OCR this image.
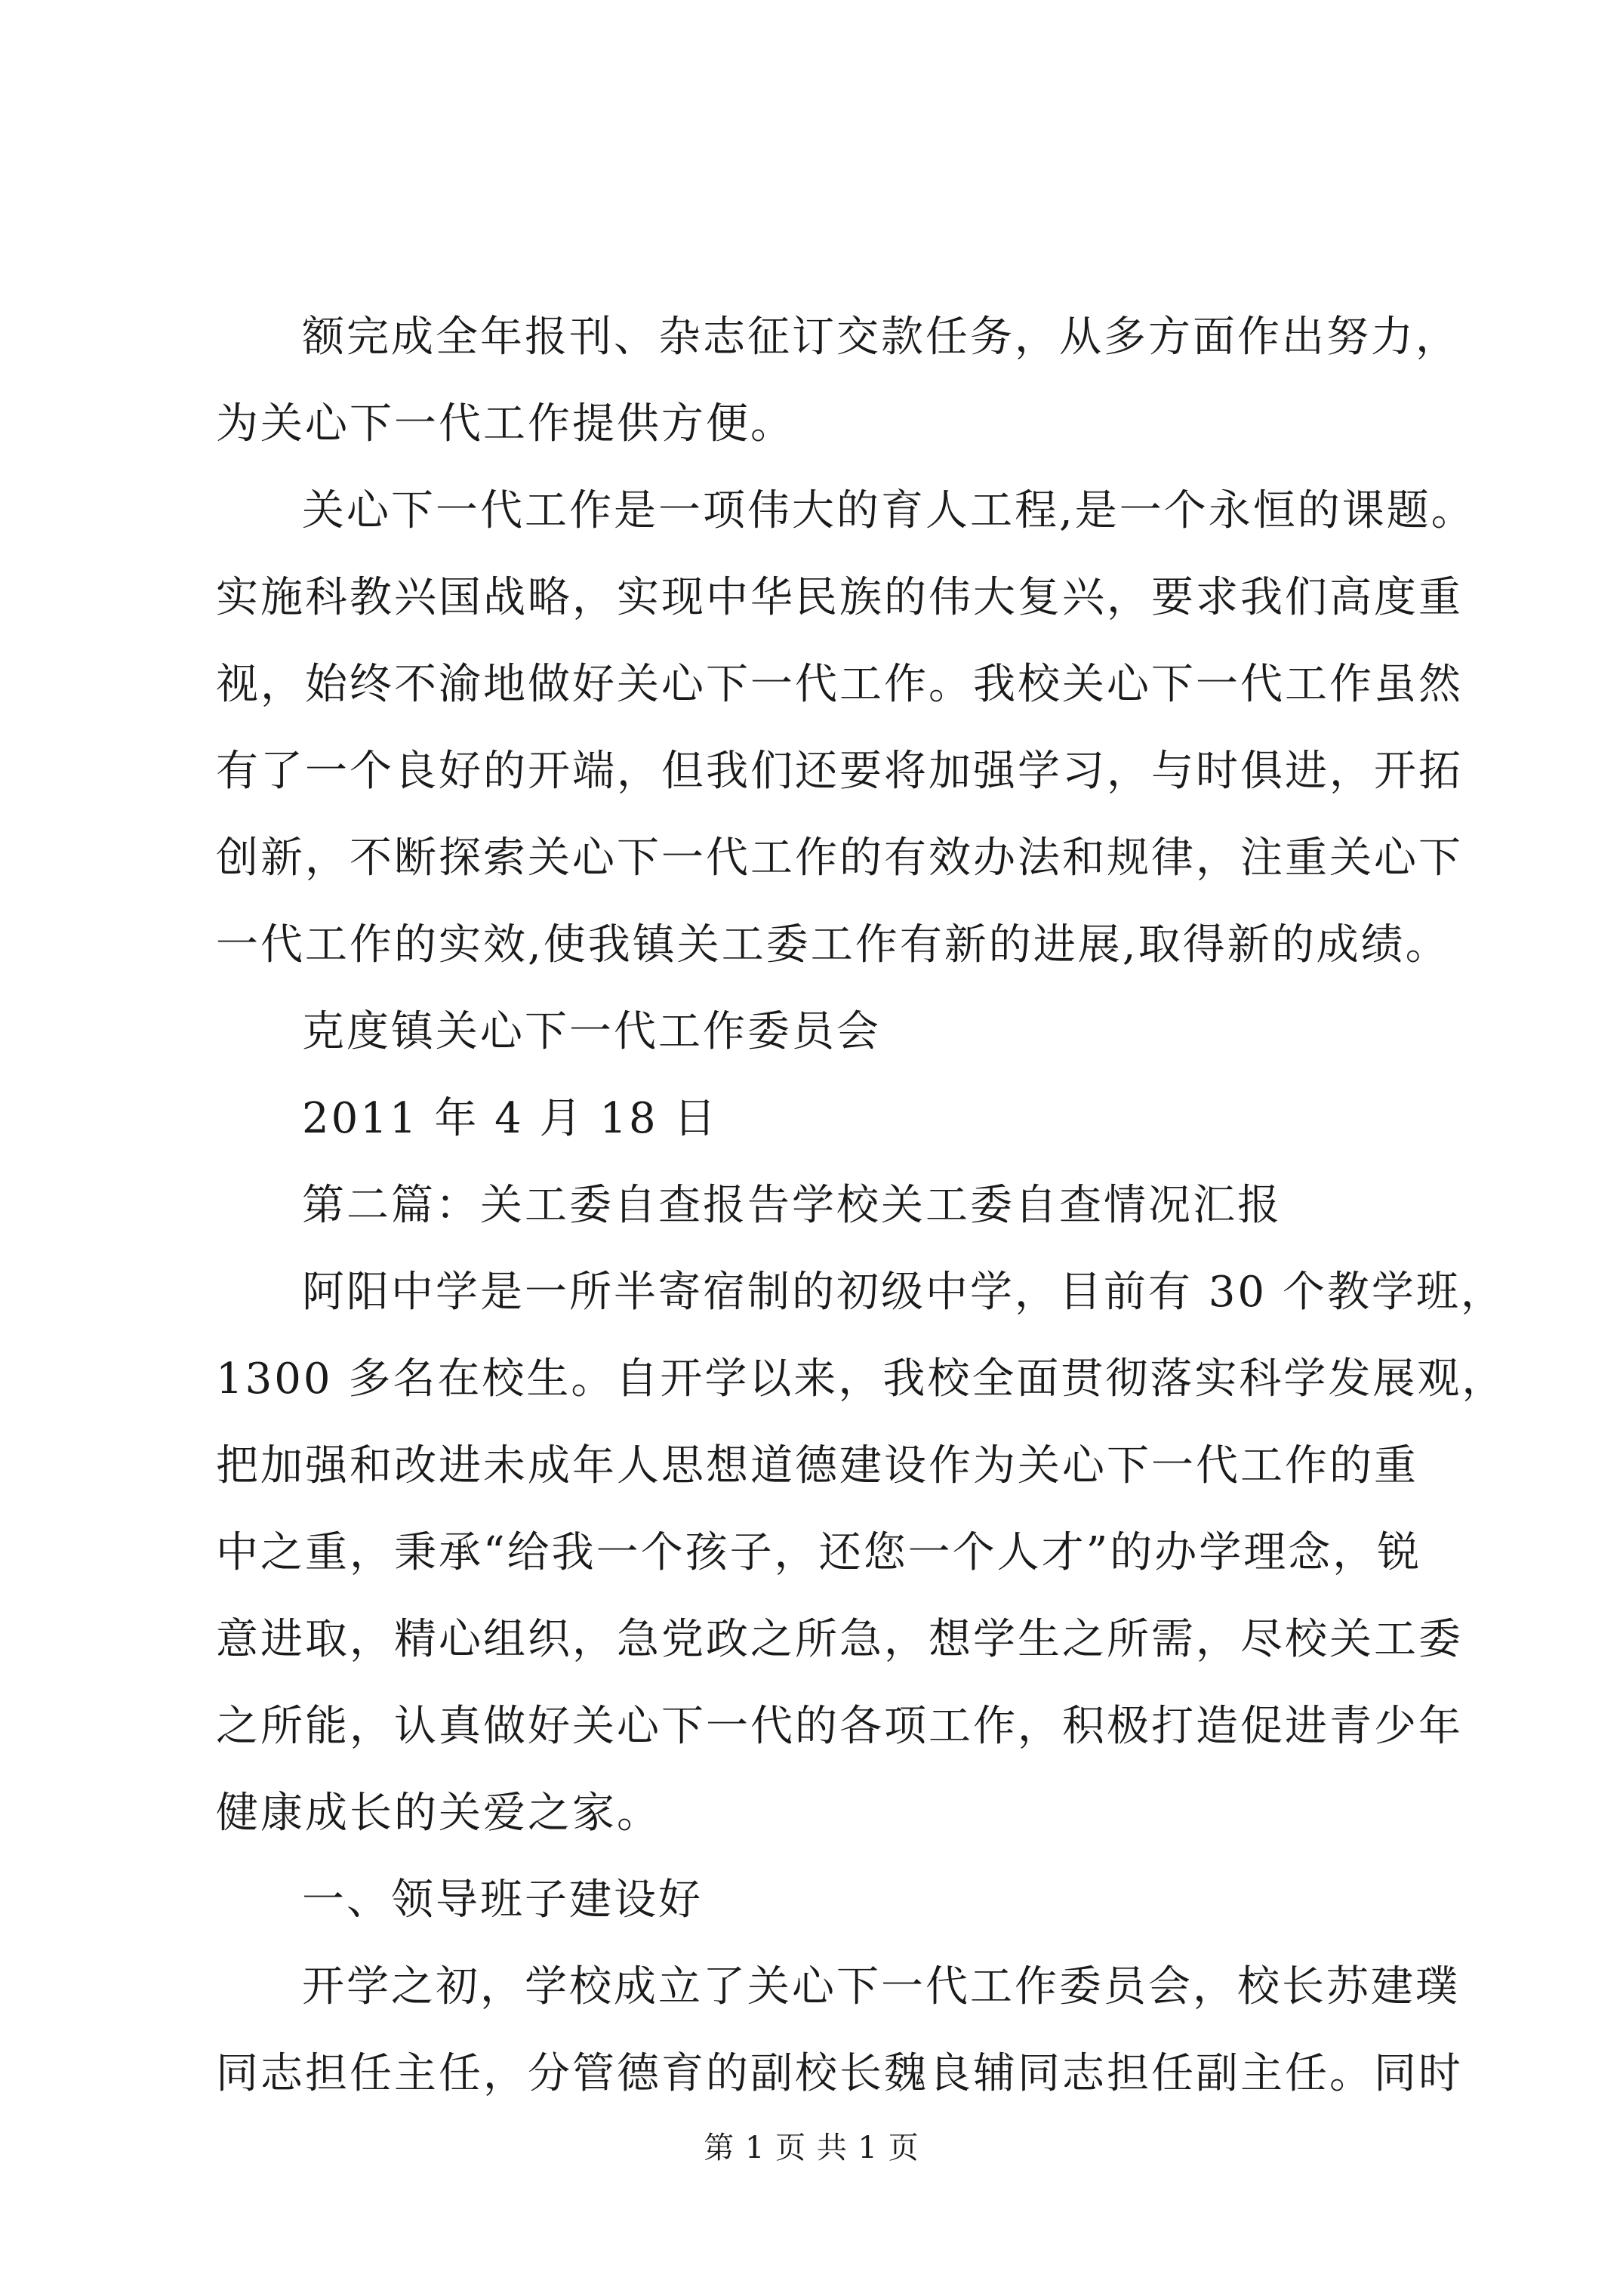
额完成全年报刊、杂志征订交款任务，从多方面作出努力，
为关心下一代工作提供方便。
关心下一代工作是一项伟大的育人工程,是一个永恒的课题。
实施科教兴国战略，实现中华民族的伟大复兴，要求我们高度重
视，始终不渝地做好关心下一代工作。我校关心下一代工作虽然
有了一个良好的开端，但我们还要将加强学习，与时俱进，开拓
创新，不断探索关心下一代工作的有效办法和规律，注重关心下
一代工作的实效,使我镇关工委工作有新的进展,取得新的成绩。
克度镇关心下一代工作委员会
2011 年 4 月 18 日
第二篇：关工委自查报告学校关工委自查情况汇报
阿阳中学是一所半寄宿制的初级中学，目前有 30 个教学班，
1300 多名在校生。自开学以来，我校全面贯彻落实科学发展观，
把加强和改进未成年人思想道德建设作为关心下一代工作的重
中之重，秉承“给我一个孩子，还您一个人才”的办学理念，锐
意进取，精心组织，急党政之所急，想学生之所需，尽校关工委
之所能，认真做好关心下一代的各项工作，积极打造促进青少年
健康成长的关爱之家。
一、领导班子建设好
开学之初，学校成立了关心下一代工作委员会，校长苏建璞
同志担任主任，分管德育的副校长魏良辅同志担任副主任。同时
第 1 页 共 1 页
